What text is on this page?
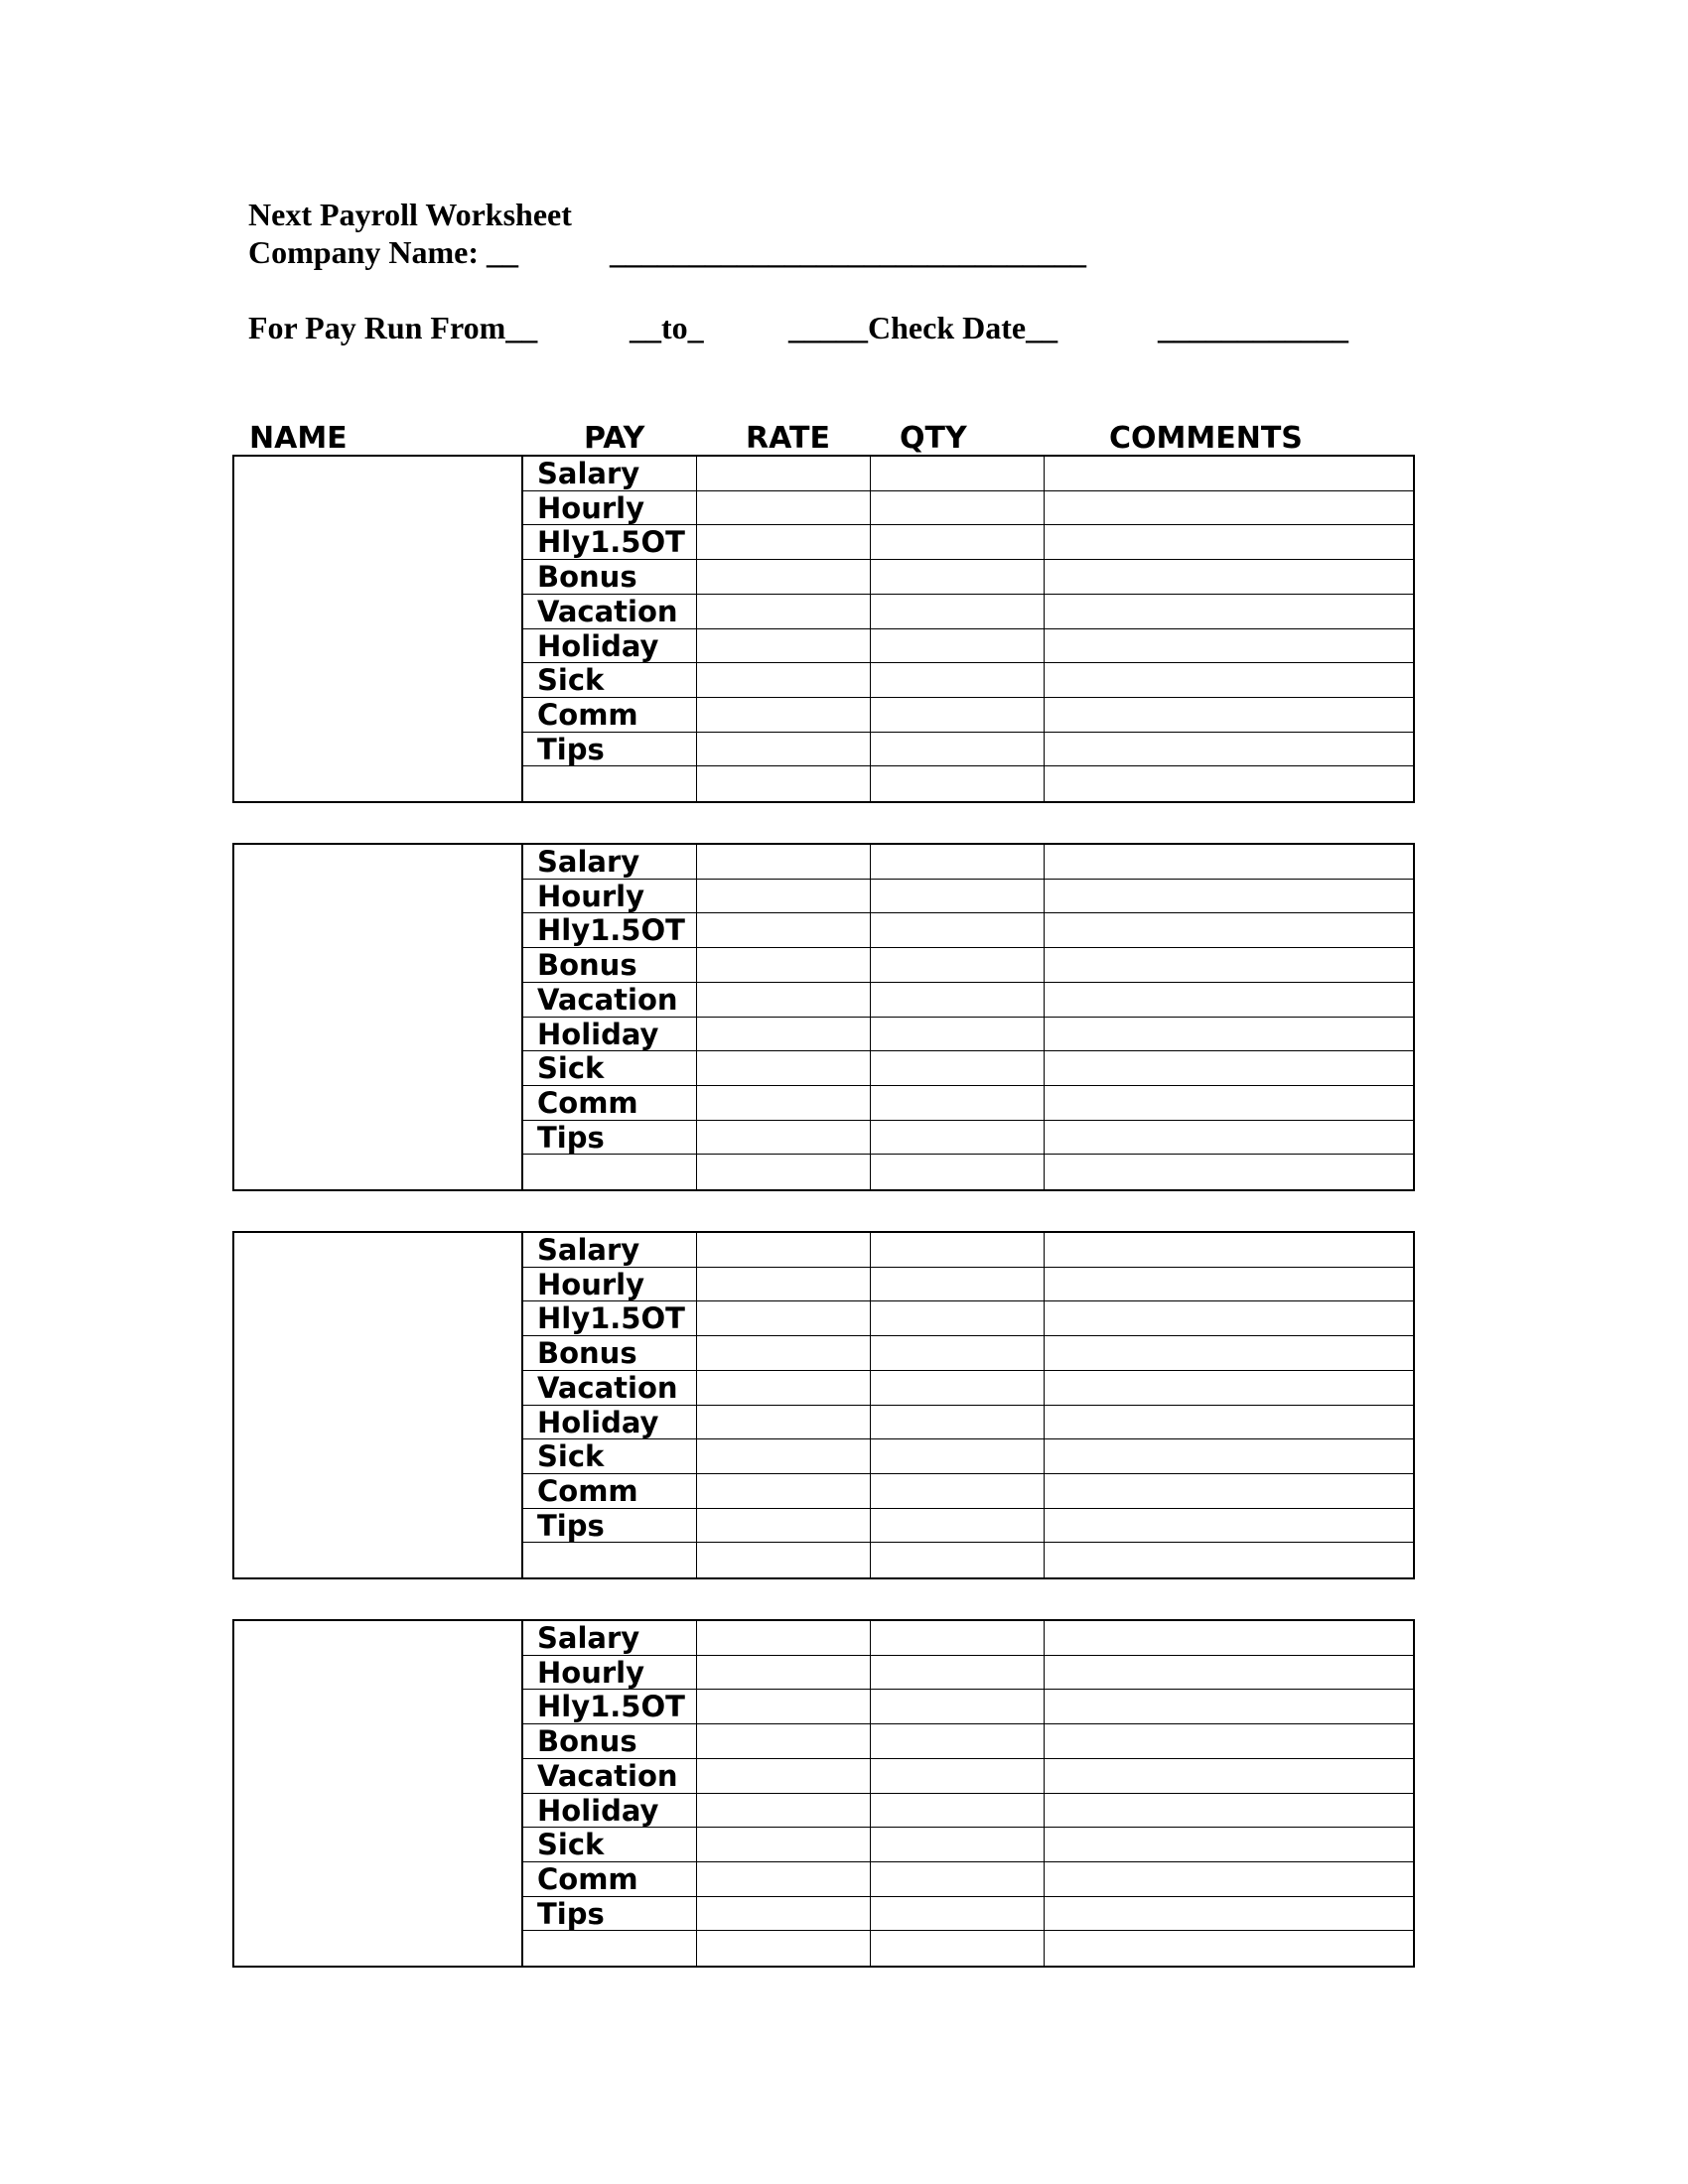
Next Payroll Worksheet
Company Name: __	______________________________
For Pay Run From__	__to_	_____Check Date__	____________
NAME	PAY	RATE QTY	COMMENTS
Salary
Hourly
Hly1.5OT
Bonus
Vacation
Holiday
Sick
Comm
Tips
Salary
Hourly
Hly1.5OT
Bonus
Vacation
Holiday
Sick
Comm
Tips
Salary
Hourly
Hly1.5OT
Bonus
Vacation
Holiday
Sick
Comm
Tips
Salary
Hourly
Hly1.5OT
Bonus
Vacation
Holiday
Sick
Comm
Tips
